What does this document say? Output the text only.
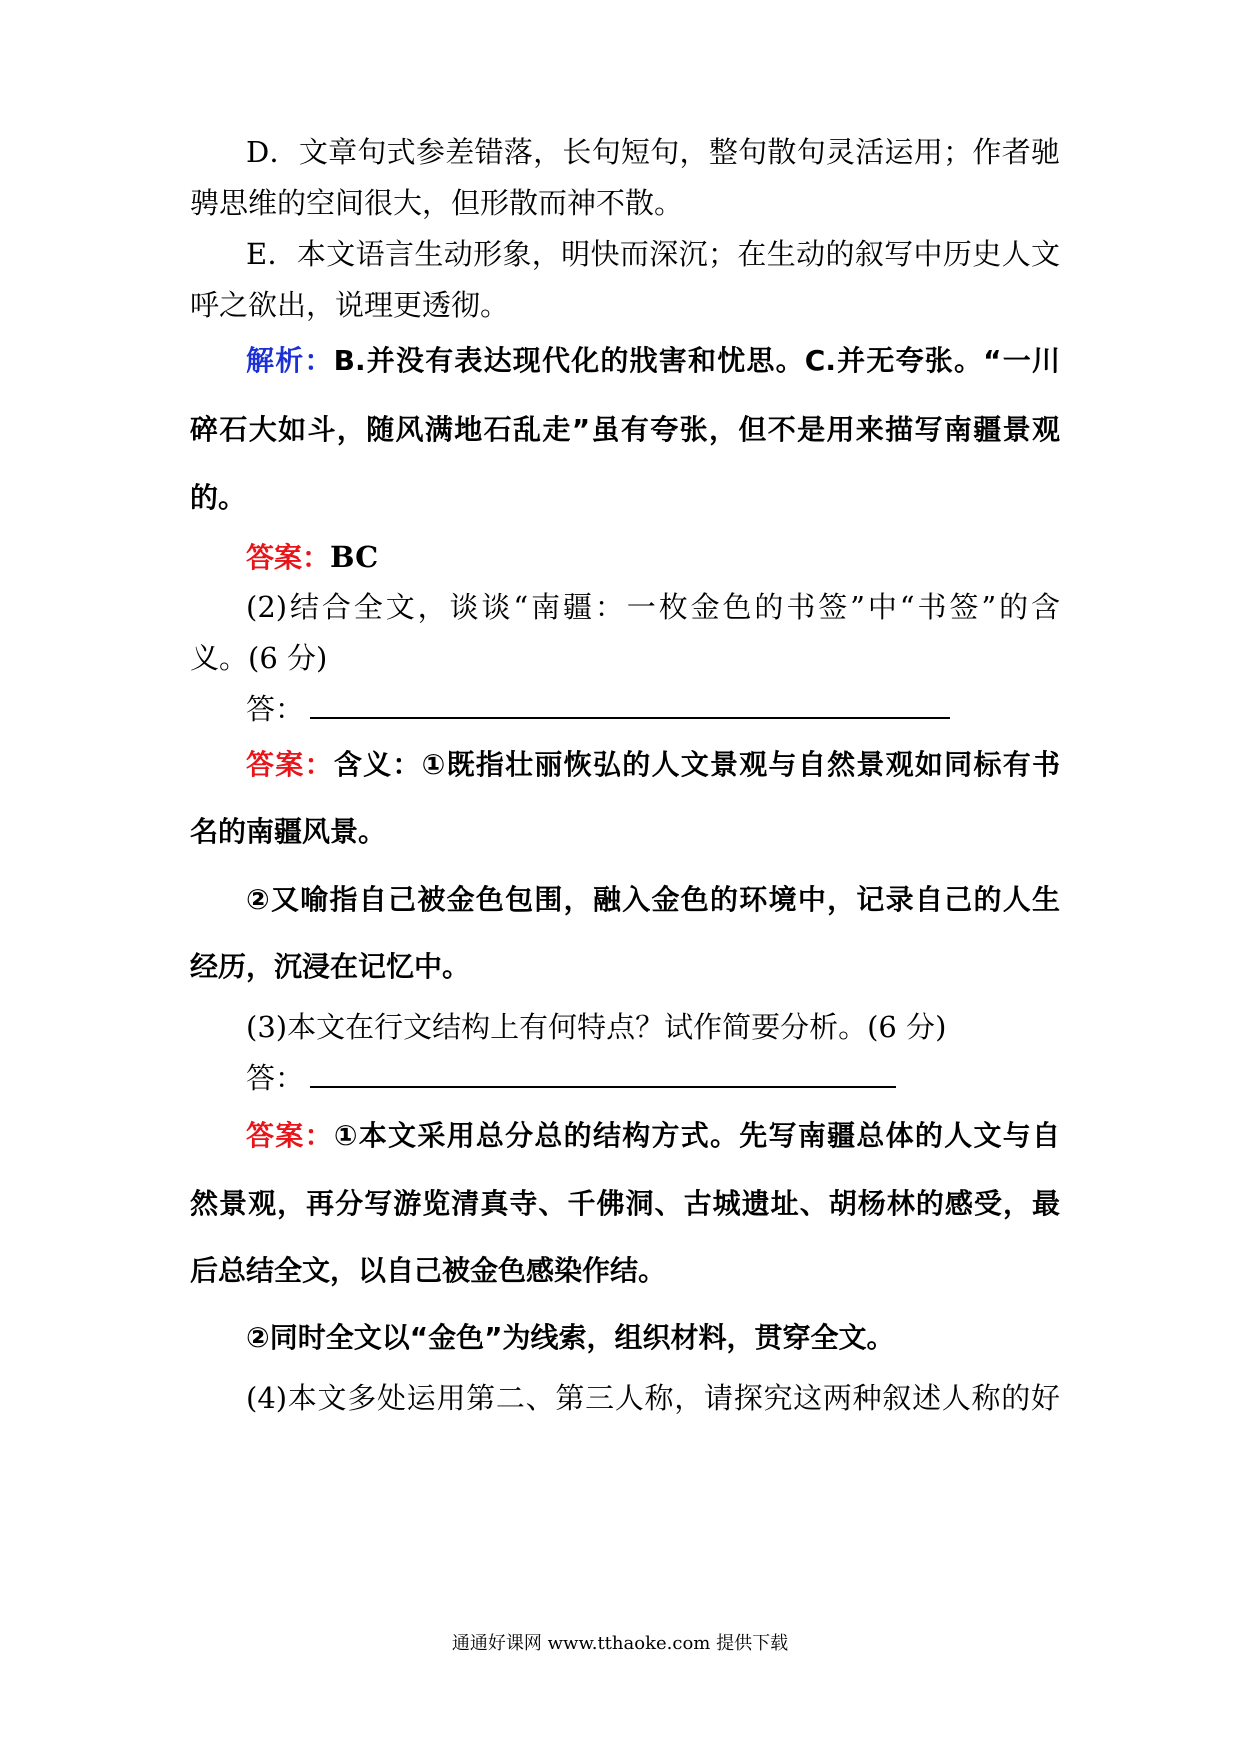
D．文章句式参差错落，长句短句，整句散句灵活运用；作者驰
骋思维的空间很大，但形散而神不散。
E．本文语言生动形象，明快而深沉；在生动的叙写中历史人文
呼之欲出，说理更透彻。
解析：B.并没有表达现代化的戕害和忧思。C.并无夸张。“一川
碎石大如斗，随风满地石乱走”虽有夸张，但不是用来描写南疆景观
的。
答案：BC
(2)结合全文，谈谈“南疆：一枚金色的书签”中“书签”的含
义。(6 分)
答：
答案：含义：①既指壮丽恢弘的人文景观与自然景观如同标有书
名的南疆风景。
②又喻指自己被金色包围，融入金色的环境中，记录自己的人生
经历，沉浸在记忆中。
(3)本文在行文结构上有何特点？试作简要分析。(6 分)
答：
答案：①本文采用总分总的结构方式。先写南疆总体的人文与自
然景观，再分写游览清真寺、千佛洞、古城遗址、胡杨林的感受，最
后总结全文，以自己被金色感染作结。
②同时全文以“金色”为线索，组织材料，贯穿全文。
(4)本文多处运用第二、第三人称，请探究这两种叙述人称的好
通通好课网 www.tthaoke.com 提供下载
